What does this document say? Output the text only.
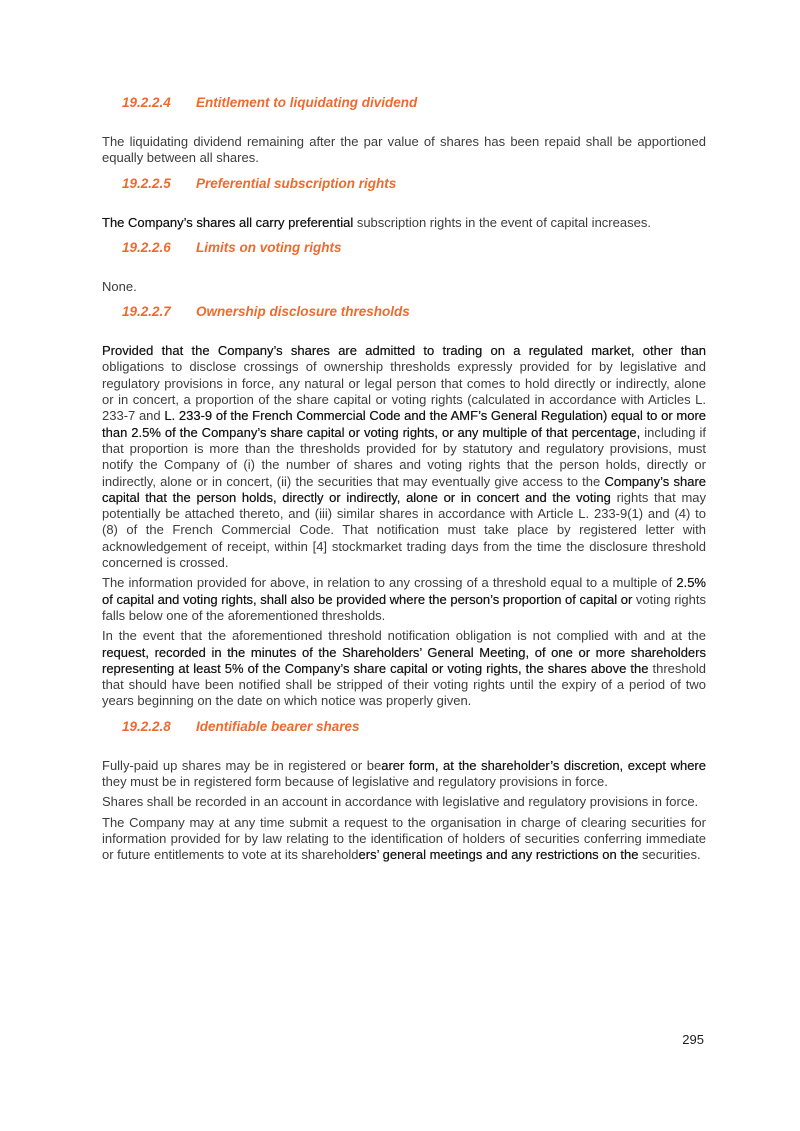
19.2.2.4 Entitlement to liquidating dividend

The liquidating dividend remaining after the par value of shares has been repaid shall be apportioned equally between all shares.

19.2.2.5 Preferential subscription rights

The Company’s shares all carry preferential subscription rights in the event of capital increases.

19.2.2.6 Limits on voting rights

None.

19.2.2.7 Ownership disclosure thresholds

Provided that the Company’s shares are admitted to trading on a regulated market, other than obligations to disclose crossings of ownership thresholds expressly provided for by legislative and regulatory provisions in force, any natural or legal person that comes to hold directly or indirectly, alone or in concert, a proportion of the share capital or voting rights (calculated in accordance with Articles L. 233-7 and L. 233-9 of the French Commercial Code and the AMF’s General Regulation) equal to or more than 2.5% of the Company’s share capital or voting rights, or any multiple of that percentage, including if that proportion is more than the thresholds provided for by statutory and regulatory provisions, must notify the Company of (i) the number of shares and voting rights that the person holds, directly or indirectly, alone or in concert, (ii) the securities that may eventually give access to the Company’s share capital that the person holds, directly or indirectly, alone or in concert and the voting rights that may potentially be attached thereto, and (iii) similar shares in accordance with Article L. 233-9(1) and (4) to (8) of the French Commercial Code. That notification must take place by registered letter with acknowledgement of receipt, within [4] stockmarket trading days from the time the disclosure threshold concerned is crossed.

The information provided for above, in relation to any crossing of a threshold equal to a multiple of 2.5% of capital and voting rights, shall also be provided where the person’s proportion of capital or voting rights falls below one of the aforementioned thresholds.

In the event that the aforementioned threshold notification obligation is not complied with and at the request, recorded in the minutes of the Shareholders’ General Meeting, of one or more shareholders representing at least 5% of the Company’s share capital or voting rights, the shares above the threshold that should have been notified shall be stripped of their voting rights until the expiry of a period of two years beginning on the date on which notice was properly given.

19.2.2.8 Identifiable bearer shares

Fully-paid up shares may be in registered or bearer form, at the shareholder’s discretion, except where they must be in registered form because of legislative and regulatory provisions in force.

Shares shall be recorded in an account in accordance with legislative and regulatory provisions in force.

The Company may at any time submit a request to the organisation in charge of clearing securities for information provided for by law relating to the identification of holders of securities conferring immediate or future entitlements to vote at its shareholders’ general meetings and any restrictions on the securities.

295
